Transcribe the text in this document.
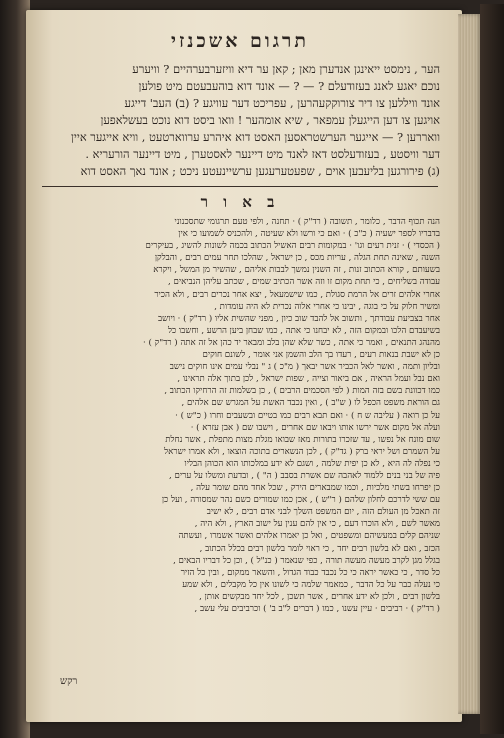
תרגום אשכנזי

הער , נימסט ייאינגן אנדערן מאן ; קאן ער דיא וויזערבערהיים ? וויערע

נוכם יאגע לאנג בעזודעלם ? — ? — אונד דוא בוהעבעטם מיט פולען

אונד וויללען צו דיר צורוקקעהרען , עפריכט דער עוויגע ? (ב) העב' דייגע

אויגען צו דען הייגעלן עמפאר , שיא אומהער ! וואו ביסט דוא נוכט בעשלאפען

וואררען ? — אייגער הערשטראסען האסט דוא איהרע ערווארטעט , וויא אייגער איין

דער וויסטע , בעזודעלסט דאז לאנד מיט דיינער לאסטערן , מיט דיינער הורעריא .

(ג) פירורגען בליעבען אוים , שפעטערעגען ערשיינעטע ניכט ; אונד נאך האסט דוא

ב א ו ר

הנה תכוף הדבר , כלומר , תשובה ( רד"ק ) · תחנה , ולפי טעם תרגומי שתסכנוני

בדבריו לספר ישעיה ( כ"כ ) · ואם כי ורשו ולא שעיטה , ולהכניס לשמועו כי אין

( הכסדי ) · זנית רעים וגו' · במקומות רבים האשיל הכתוב בכמה לשונות להשיג , בעיקרים

השנה , שאינה תחת הגלה , עריות מכס , כן ישראל , שהלכו תחר עמים רבים , והבלקן

בשעותם , קורא הכתוב זנות , זה השנין נמשך לבבות אליהם , שהשיר מן המשל , ויקרא

עבודה בשליחים , כי תחת מקום זו וזה אשר הכתיב שמים , שכתב עליהן הנביאים ,

אחרי אלהים זרים אל הרמת סגולת , כמו שישמעאל , יצא אחר נכרים רבים , ולא הכיר

ומשיר חלוק על כי בוגה , יבינו כי אחרי אלוה נכרית לא היה עומדות ,

אחר בצביעת עבודתך , ותשוב אל להבד שוב כיון , מפני שהשית אליו ( רד"ק ) · ויושב

בשיעבדם הלכו ובמקום הזה , לא יבחנו כי אתה , כמו שבחן ביען הרשע , וחשבו כל

מהנהג התנאים , ואמר כי אתה , כשר שלא שהן בלב ומבאר יד כהן אל זה אתה ( רד"ק ) ·

כן לא ישבת בנאות רעים , רעדו בך הלב והשמן אני אומר , לשונם חוקים

ובליון ותמה , ואשר לאל הכביר אשר יבאך ( מ"כ ) ג " נבלי עמים אינו חוקים נישב

ואם נבל ועמל הראיה , אם ביאור וצייה , שפות ישראל , לכן בתוך אלה תראינו ,

כמו דכוונת בשם בזה המות ( לפי הסכמים הרבים ) , כן בשלמות זה הרחיקו הכתוב ,

גם הוראת משפט הכפל לו ( ש"ב ) , ואין נכבד האשת על המגרש שם אלהים ,

על כן רואה ( עליבה ש ח ) · ואם תבא רבים כמו בטיים ובשעבים וחרו ( כ"ש ) ·

ועלה אל מקום אשר ירשו אותו ויבאו שם אחרים , וישבו שם ( אבן עזרא ) ·

שום מונח אל נפשו , עד שזכרו בתורות מאז שבואו מגלת מצות מתפלת , אשר נחלת

על השמרם ושל יראי ברק ( גד"ק ) , לכן הנשארים בתוכה הוצאו , ולא אמרו ישראל

כי נפלה לה היא , לא כן יפית שלמה , ושגם לא ידע במלכותו הוא הכוהן הבליו

פיה של בני בנים ללמוד לאהבה שם אשרת בסבב ( ה" ) , ובדעת ומשלו על ערים ,

כן יפרחו בשתי מלכיות , וכמו שמבארים הירק , שכל אחד מהם שומר עלה ,

עם ששי לדרכם לחלון שלהם ( ר"ש ) , אכן כמו שמורים כשם נהר שמסורה , ועל כן

זה תאכל מן העולם הזה , יום המשפט השלך לבני אדם רבים , לא ישיב

מאשר לשם , ולא הוכרו דעם , כי אין להם ענין על ישוב הארץ , ולא היה ,

שניהם קלים במעשיהם ומשפטים , ואל כן יאמרו אלהים ואשר אשמרו , ועשתה

הכזב , ואם לא בלשון רבים יחד , כי ראוי לומר בלשון רבים בכלל הכתוב ,

בגלל מגן לקרב מעשה מעשה תורה , כפי שנאמר ( כנ"ל ) , וכן כל דבריו הבאים ,

כל סדר , כי כאשר יראה כי כל נכבד כבוד הגדול , והשאר ממקום , ובין כל הזיר

כי נעלה כבר על כל הדבר , כמאמר שלמה כי לשונו אין כל מקבלים , ולא שמע

בלשון רבים , ולכן לא ידע אחרים , אשר תשכן , לכל יחד מבקשים אותן ,

( רד"ק ) · רביבים · עיין עשנו , כמו ( דברים ל"ב ב' ) וכרביבים עלי עשב ,

רקש
